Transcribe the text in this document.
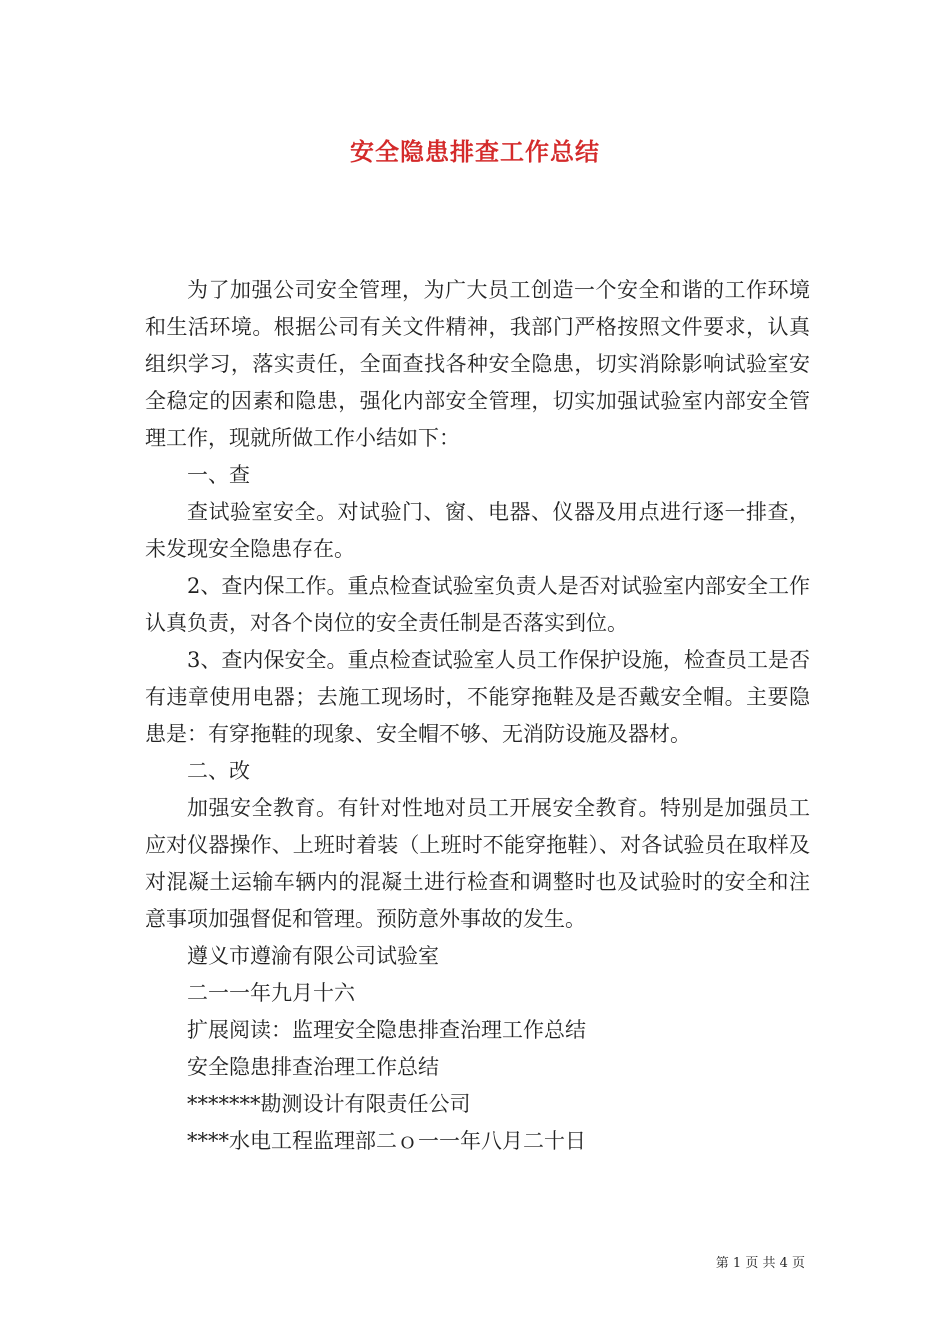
安全隐患排查工作总结

为了加强公司安全管理，为广大员工创造一个安全和谐的工作环境和生活环境。根据公司有关文件精神，我部门严格按照文件要求，认真组织学习，落实责任，全面查找各种安全隐患，切实消除影响试验室安全稳定的因素和隐患，强化内部安全管理，切实加强试验室内部安全管理工作，现就所做工作小结如下：

一、查

查试验室安全。对试验门、窗、电器、仪器及用点进行逐一排查，未发现安全隐患存在。

2、查内保工作。重点检查试验室负责人是否对试验室内部安全工作认真负责，对各个岗位的安全责任制是否落实到位。

3、查内保安全。重点检查试验室人员工作保护设施，检查员工是否有违章使用电器；去施工现场时，不能穿拖鞋及是否戴安全帽。主要隐患是：有穿拖鞋的现象、安全帽不够、无消防设施及器材。

二、改

加强安全教育。有针对性地对员工开展安全教育。特别是加强员工应对仪器操作、上班时着装（上班时不能穿拖鞋）、对各试验员在取样及对混凝土运输车辆内的混凝土进行检查和调整时也及试验时的安全和注意事项加强督促和管理。预防意外事故的发生。

遵义市遵渝有限公司试验室

二一一年九月十六

扩展阅读：监理安全隐患排查治理工作总结

安全隐患排查治理工作总结

*******勘测设计有限责任公司

****水电工程监理部二ｏ一一年八月二十日

第 1 页 共 4 页
